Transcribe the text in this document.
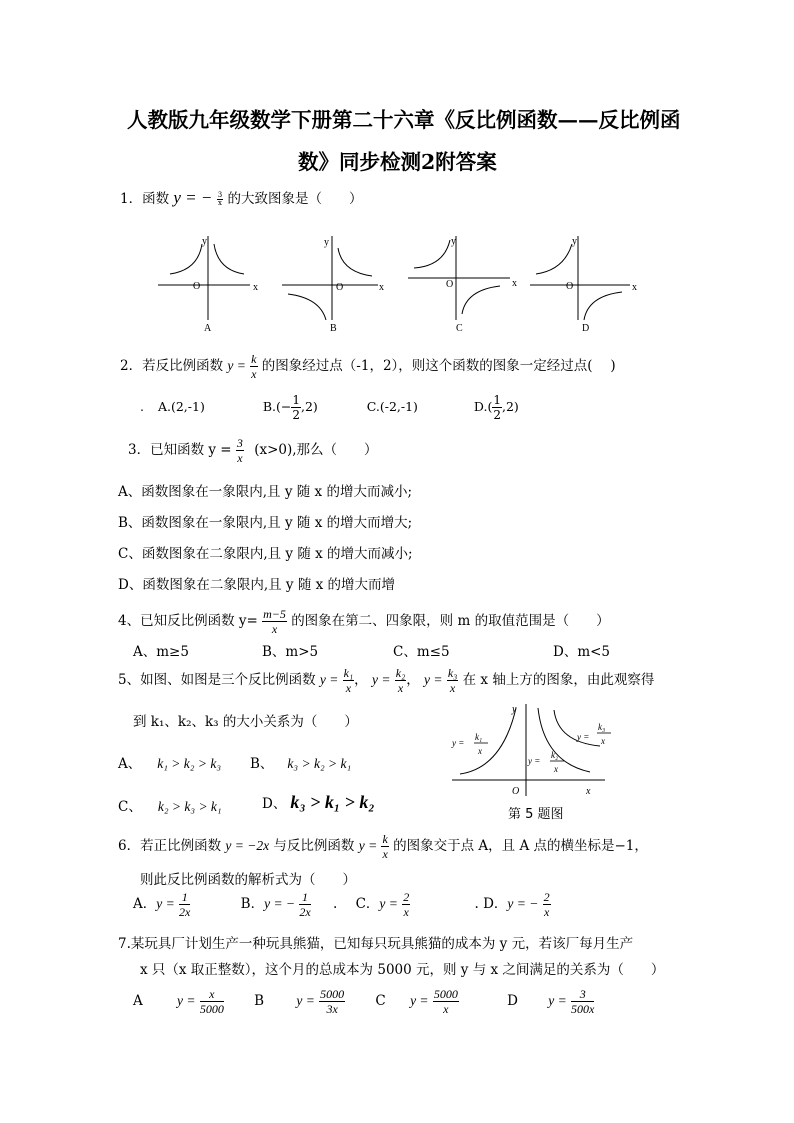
人教版九年级数学下册第二十六章《反比例函数——反比例函
数》同步检测2附答案
1．函数 y = − $\frac{3}{x}$ 的大致图象是（　　）
y
x
O
A
y
x
O
B
y
x
O
C
y
x
O
D
2．若反比例函数 $y = \frac{k}{x}$ 的图象经过点（-1，2），则这个函数的图象一定经过点(　 )
. A.(2,-1)	$B.(- \frac{1}{2} ,2)$	C.(-2,-1)	$D.( \frac{1}{2} ,2)$
3．已知函数 $y = \frac{3}{x} (x>0)$,那么（　　）
A、函数图象在一象限内,且 y 随 x 的增大而减小;
B、函数图象在一象限内,且 y 随 x 的增大而增大;
C、函数图象在二象限内,且 y 随 x 的增大而减小;
D、函数图象在二象限内,且 y 随 x 的增大而增
4、已知反比例函数 $y= \frac{m-5}{x}$ 的图象在第二、四象限，则 m 的取值范围是（　　）
A、m≥5	B、m>5	C、m≤5	D、m<5
5、如图、如图是三个反比例函数 $y = \frac{\text{k₁}}{x}$ ， $y = \frac{\text{k₂}}{x}$ ， $y = \frac{\text{k₃}}{x}$ 在 x 轴上方的图象，由此观察得
到 k₁、k₂、k₃ 的大小关系为（　　）
A、 k₁ > k₂ > k₃ B、 k₃ > k₂ > k₁
C、 k₂ > k₃ > k₁	D、 k₃ > k₁ > k₂
y
x
O
y =
k₁
x
y =
k₂
x
y =
k₃
x
第 5 题图
6．若正比例函数 y = −2x 与反比例函数 $y = \frac{k}{x}$ 的图象交于点 A，且 A 点的横坐标是−1，
则此反比例函数的解析式为（　　）
A．$y = \frac{1}{2x}$	B．y = − $\frac{1}{2x}$ . C．$y = \frac{2}{x}$	. D．y = − $\frac{2}{x}$
7.某玩具厂计划生产一种玩具熊猫，已知每只玩具熊猫的成本为 y 元，若该厂每月生产
x 只（x 取正整数），这个月的总成本为 5000 元，则 y 与 x 之间满足的关系为（　　）
A	$y = \frac{x}{5000}$ B $y = \frac{5000}{3x}$ C $y = \frac{5000}{x}$	D $y = \frac{3}{500x}$
